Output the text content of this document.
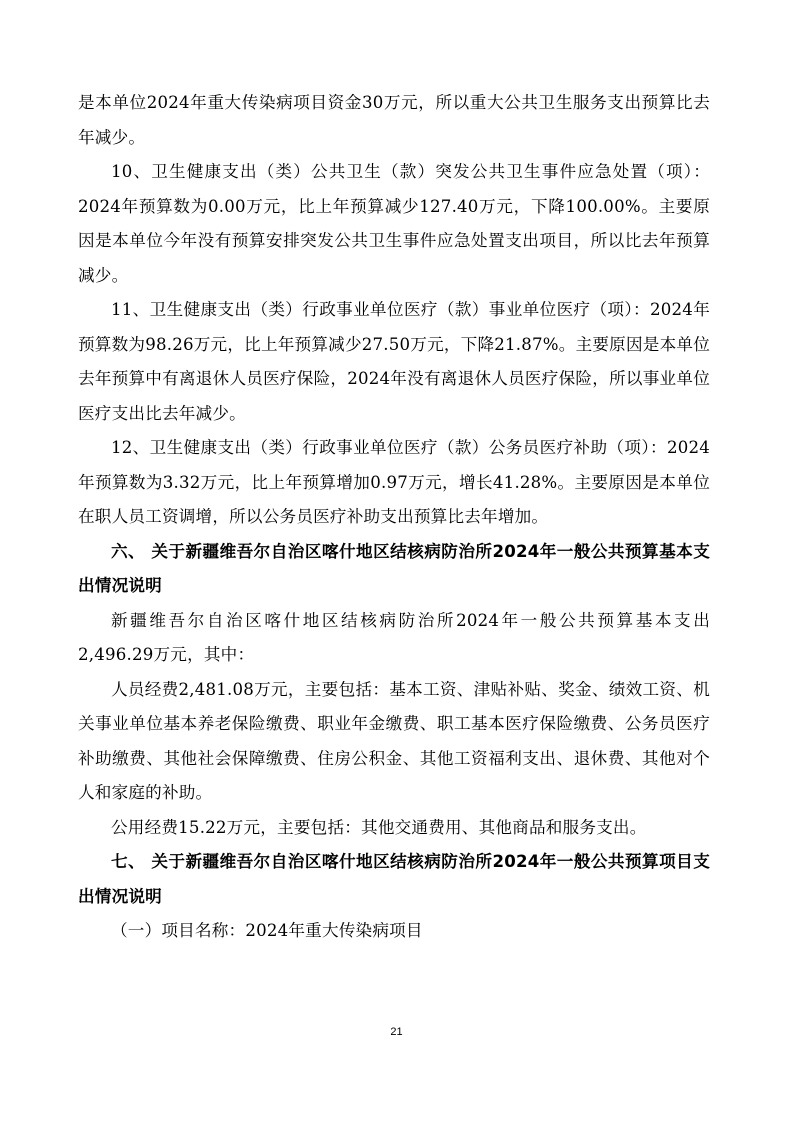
是本单位2024年重大传染病项目资金30万元，所以重大公共卫生服务支出预算比去年减少。

10、卫生健康支出（类）公共卫生（款）突发公共卫生事件应急处置（项）：2024年预算数为0.00万元，比上年预算减少127.40万元，下降100.00%。主要原因是本单位今年没有预算安排突发公共卫生事件应急处置支出项目，所以比去年预算减少。

11、卫生健康支出（类）行政事业单位医疗（款）事业单位医疗（项）：2024年预算数为98.26万元，比上年预算减少27.50万元，下降21.87%。主要原因是本单位去年预算中有离退休人员医疗保险，2024年没有离退休人员医疗保险，所以事业单位医疗支出比去年减少。

12、卫生健康支出（类）行政事业单位医疗（款）公务员医疗补助（项）：2024年预算数为3.32万元，比上年预算增加0.97万元，增长41.28%。主要原因是本单位在职人员工资调增，所以公务员医疗补助支出预算比去年增加。

六、 关于新疆维吾尔自治区喀什地区结核病防治所2024年一般公共预算基本支出情况说明

新疆维吾尔自治区喀什地区结核病防治所2024年一般公共预算基本支出2,496.29万元，其中：

人员经费2,481.08万元，主要包括：基本工资、津贴补贴、奖金、绩效工资、机关事业单位基本养老保险缴费、职业年金缴费、职工基本医疗保险缴费、公务员医疗补助缴费、其他社会保障缴费、住房公积金、其他工资福利支出、退休费、其他对个人和家庭的补助。

公用经费15.22万元，主要包括：其他交通费用、其他商品和服务支出。

七、 关于新疆维吾尔自治区喀什地区结核病防治所2024年一般公共预算项目支出情况说明

（一）项目名称：2024年重大传染病项目

21
